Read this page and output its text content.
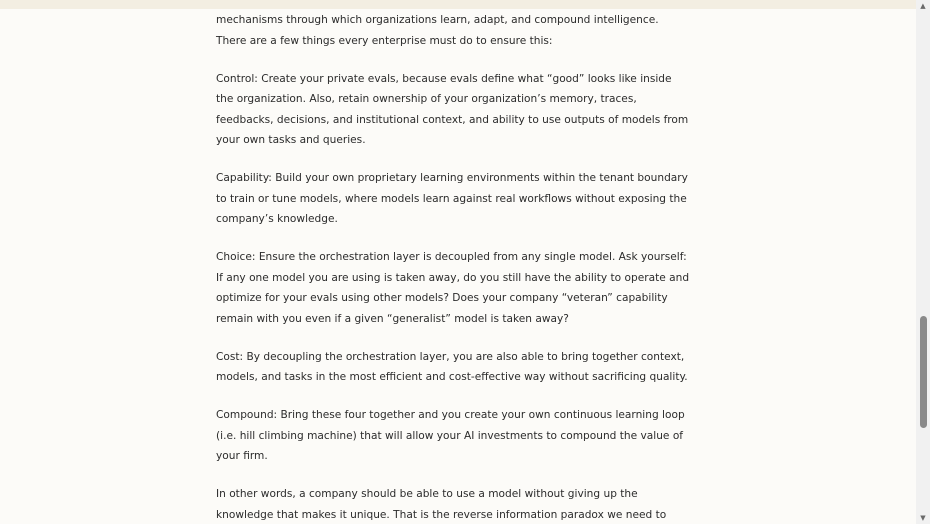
mechanisms through which organizations learn, adapt, and compound intelligence. There are a few things every enterprise must do to ensure this:

Control: Create your private evals, because evals define what “good” looks like inside the organization. Also, retain ownership of your organization’s memory, traces, feedbacks, decisions, and institutional context, and ability to use outputs of models from your own tasks and queries.

Capability: Build your own proprietary learning environments within the tenant boundary to train or tune models, where models learn against real workflows without exposing the company’s knowledge.

Choice: Ensure the orchestration layer is decoupled from any single model. Ask yourself: If any one model you are using is taken away, do you still have the ability to operate and optimize for your evals using other models? Does your company “veteran” capability remain with you even if a given “generalist” model is taken away?

Cost: By decoupling the orchestration layer, you are also able to bring together context, models, and tasks in the most efficient and cost-effective way without sacrificing quality.

Compound: Bring these four together and you create your own continuous learning loop (i.e. hill climbing machine) that will allow your AI investments to compound the value of your firm.

In other words, a company should be able to use a model without giving up the knowledge that makes it unique. That is the reverse information paradox we need to

▲
▼
